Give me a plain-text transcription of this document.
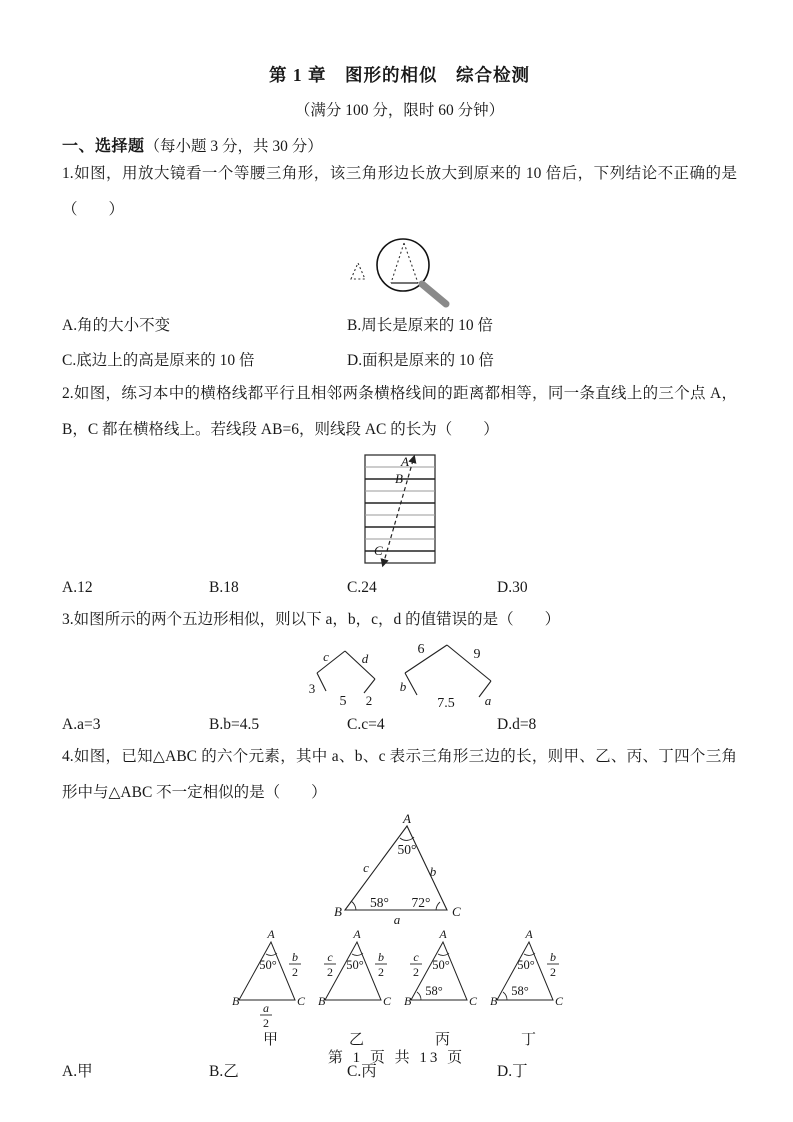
第 1 章　图形的相似　综合检测
（满分 100 分，限时 60 分钟）
一、选择题（每小题 3 分，共 30 分）

1.如图，用放大镜看一个等腰三角形，该三角形边长放大到原来的 10 倍后，下列结论不正确的是（　　）

A.角的大小不变	B.周长是原来的 10 倍
C.底边上的高是原来的 10 倍	D.面积是原来的 10 倍

2.如图，练习本中的横格线都平行且相邻两条横格线间的距离都相等，同一条直线上的三个点 A，B，C 都在横格线上。若线段 AB=6，则线段 AC 的长为（　　）

A
B
C
A.12	B.18	C.24	D.30

3.如图所示的两个五边形相似，则以下 a，b，c，d 的值错误的是（　　）

c	d
3
5 2
6	9
b
7.5 a
A.a=3	B.b=4.5	C.c=4	D.d=8

4.如图，已知△ABC 的六个元素，其中 a、b、c 表示三角形三边的长，则甲、乙、丙、丁四个三角形中与△ABC 不一定相似的是（　　）

A
B	C
50°
58° 72°
c	b
a
A
B	C
50°
b
2
a
2
甲
A
B	C
50°
c
2
b
2
乙
A
B	C
50°
58°
c
2
丙
A
B	C
50°
58°
b
2
丁
A.甲	B.乙	C.丙	D.丁
第 1 页 共 13 页
